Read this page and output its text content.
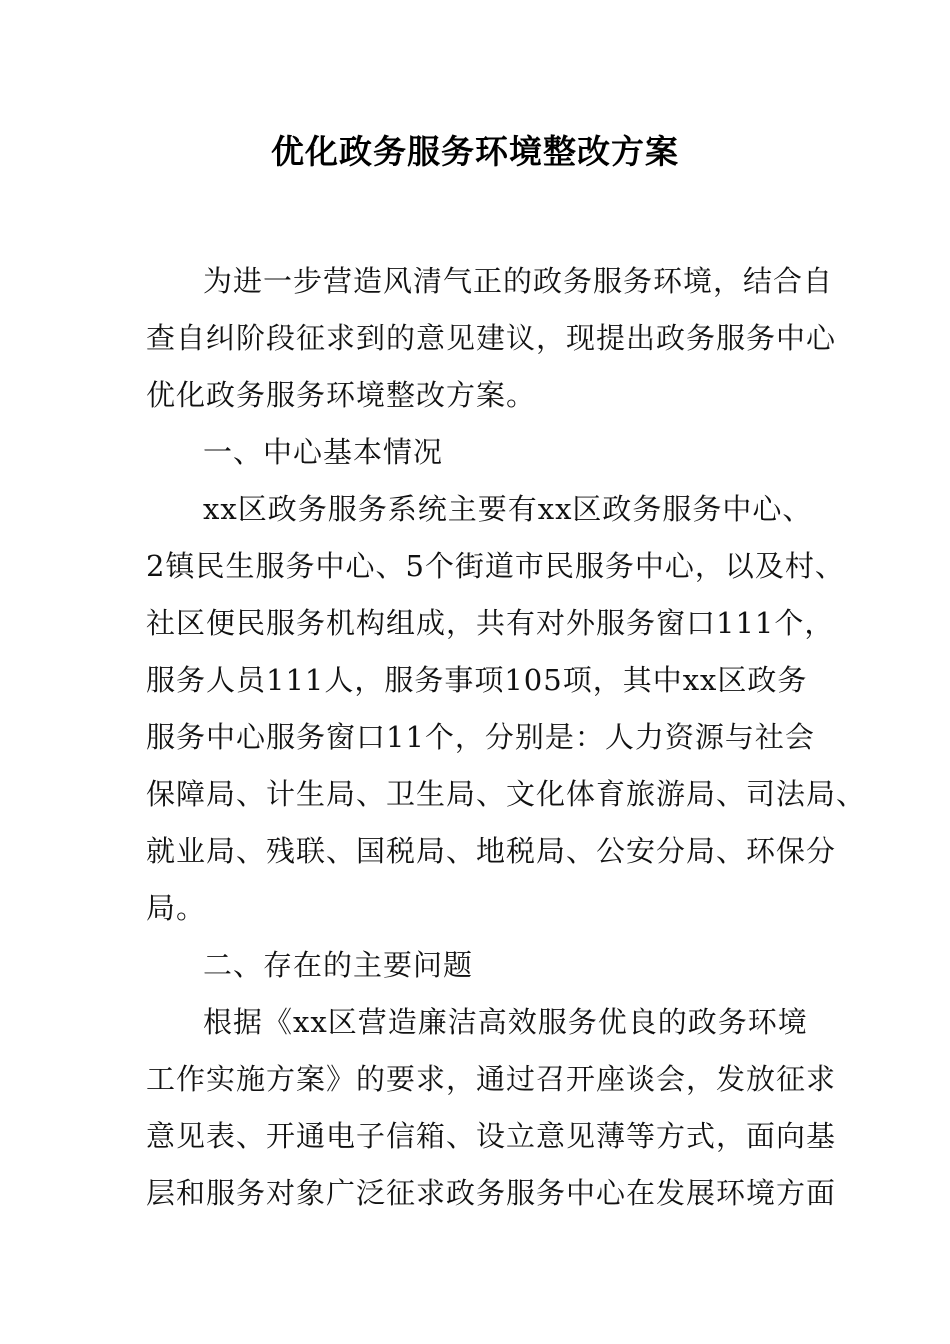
优化政务服务环境整改方案
为进一步营造风清气正的政务服务环境，结合自
查自纠阶段征求到的意见建议，现提出政务服务中心
优化政务服务环境整改方案。
一、中心基本情况
xx区政务服务系统主要有xx区政务服务中心、
2镇民生服务中心、5个街道市民服务中心，以及村、
社区便民服务机构组成，共有对外服务窗口111个，
服务人员111人，服务事项105项，其中xx区政务
服务中心服务窗口11个，分别是：人力资源与社会
保障局、计生局、卫生局、文化体育旅游局、司法局、
就业局、残联、国税局、地税局、公安分局、环保分
局。
二、存在的主要问题
根据《xx区营造廉洁高效服务优良的政务环境
工作实施方案》的要求，通过召开座谈会，发放征求
意见表、开通电子信箱、设立意见薄等方式，面向基
层和服务对象广泛征求政务服务中心在发展环境方面
